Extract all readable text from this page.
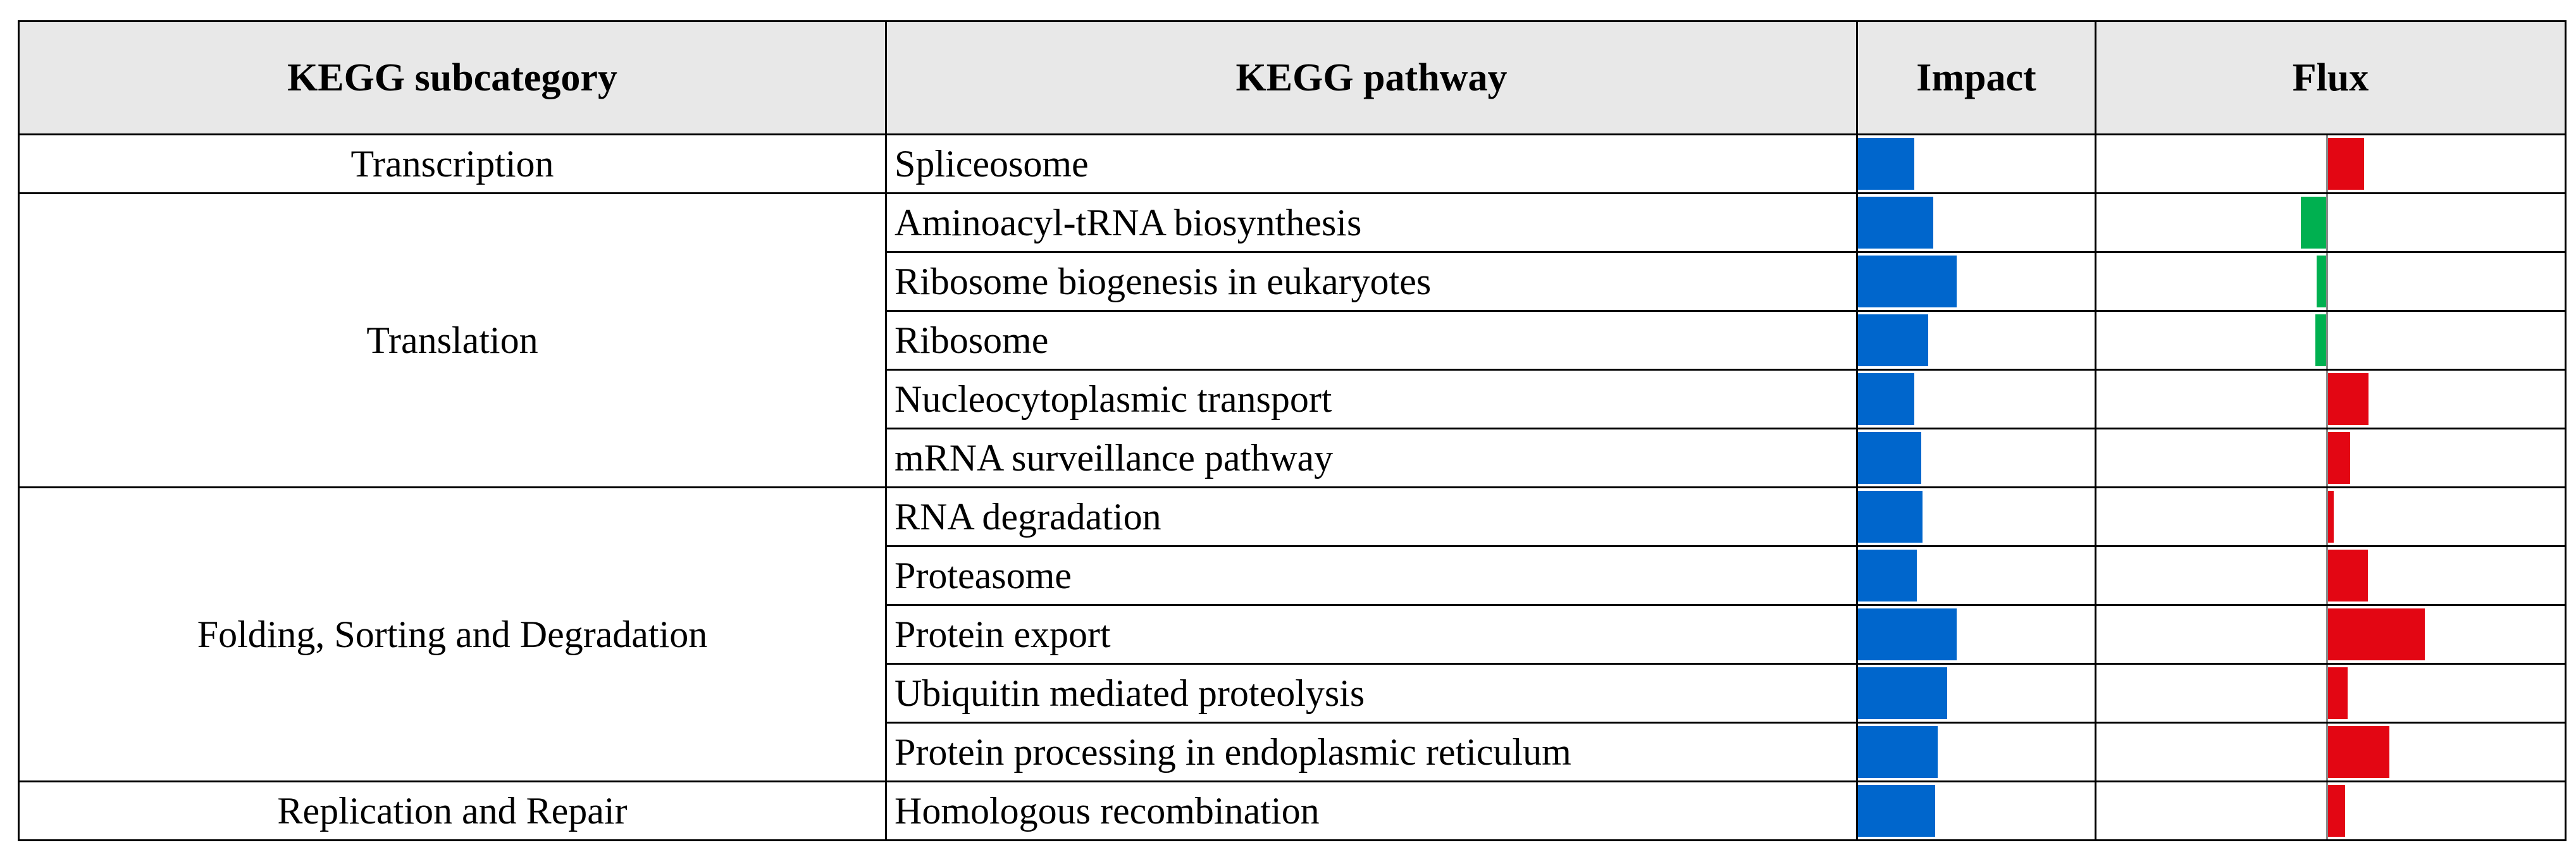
KEGG subcategory	KEGG pathway	Impact	Flux
Transcription	Spliceosome	

Translation	Aminoacyl-tRNA biosynthesis	

	Ribosome biogenesis in eukaryotes	

	Ribosome	

	Nucleocytoplasmic transport	

	mRNA surveillance pathway	

Folding, Sorting and Degradation	RNA degradation	

	Proteasome	

	Protein export	

	Ubiquitin mediated proteolysis	

	Protein processing in endoplasmic reticulum	

Replication and Repair	Homologous recombination	
